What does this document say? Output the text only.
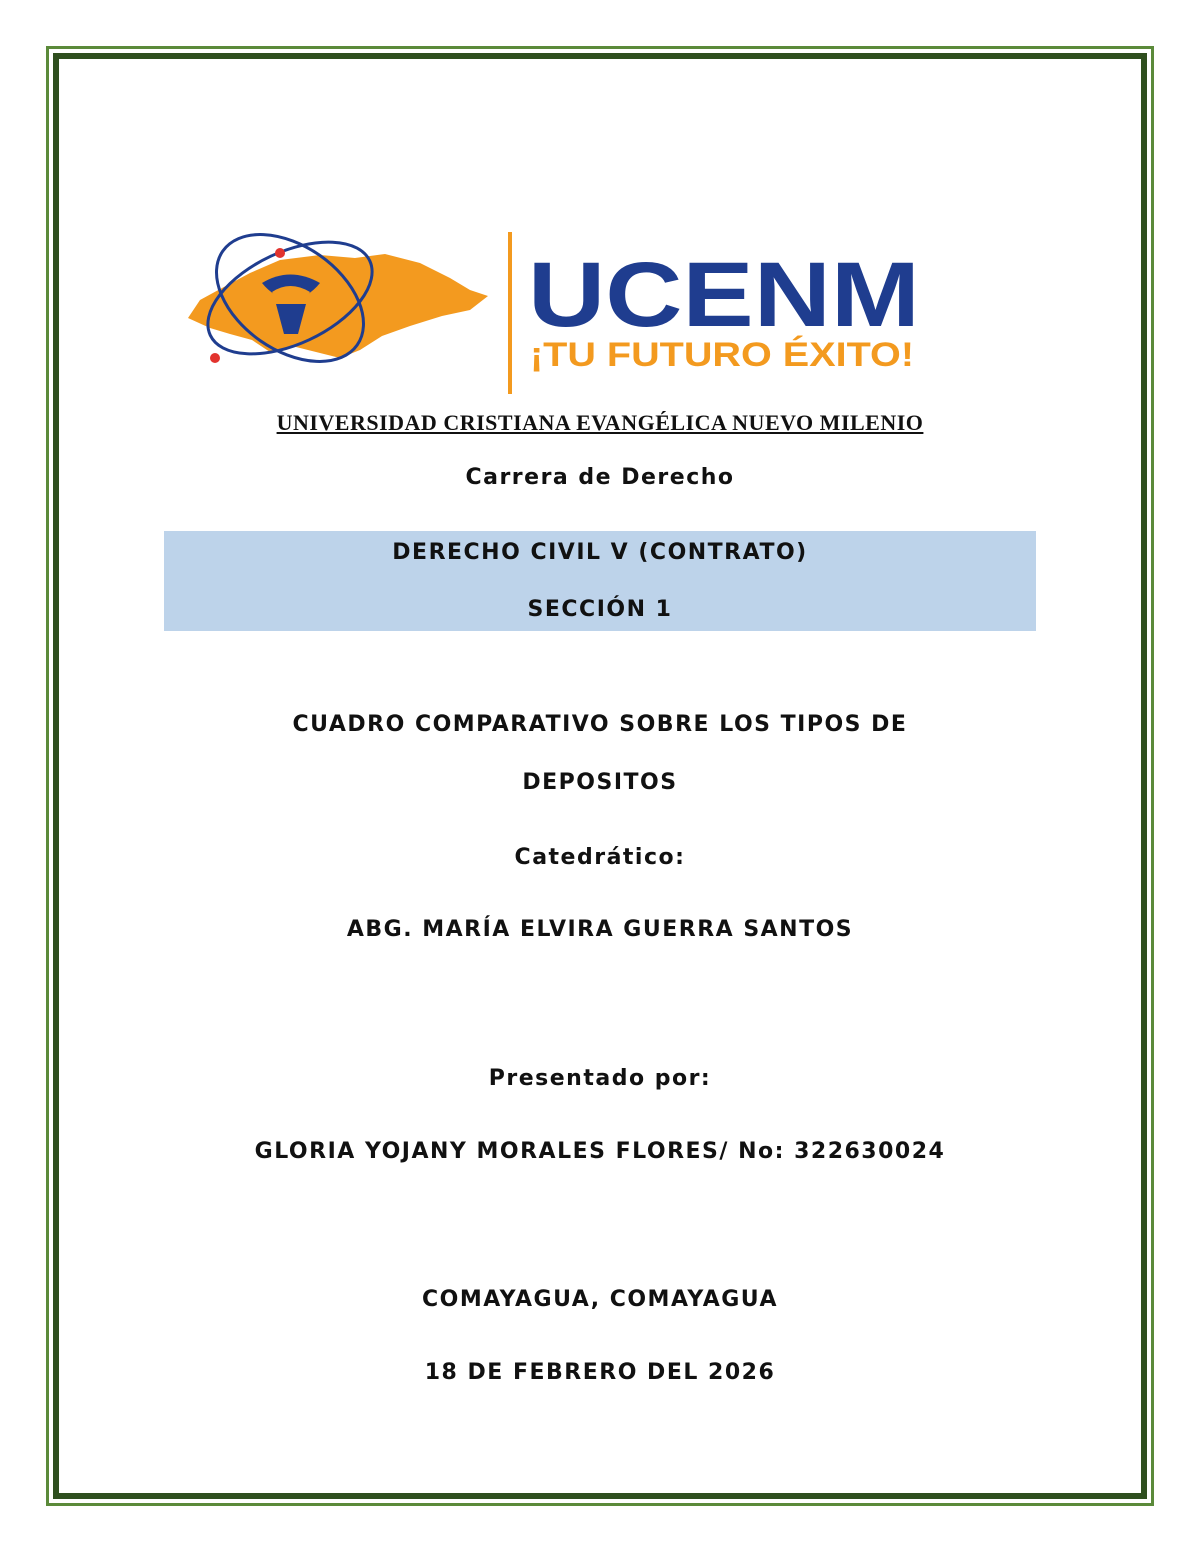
UCENM
¡TU FUTURO ÉXITO!
UNIVERSIDAD CRISTIANA EVANGÉLICA NUEVO MILENIO
Carrera de Derecho
DERECHO CIVIL V (CONTRATO)
SECCIÓN 1
CUADRO COMPARATIVO SOBRE LOS TIPOS DE
DEPOSITOS
Catedrático:
ABG. MARÍA ELVIRA GUERRA SANTOS
Presentado por:
GLORIA YOJANY MORALES FLORES/ No: 322630024
COMAYAGUA, COMAYAGUA
18 DE FEBRERO DEL 2026
